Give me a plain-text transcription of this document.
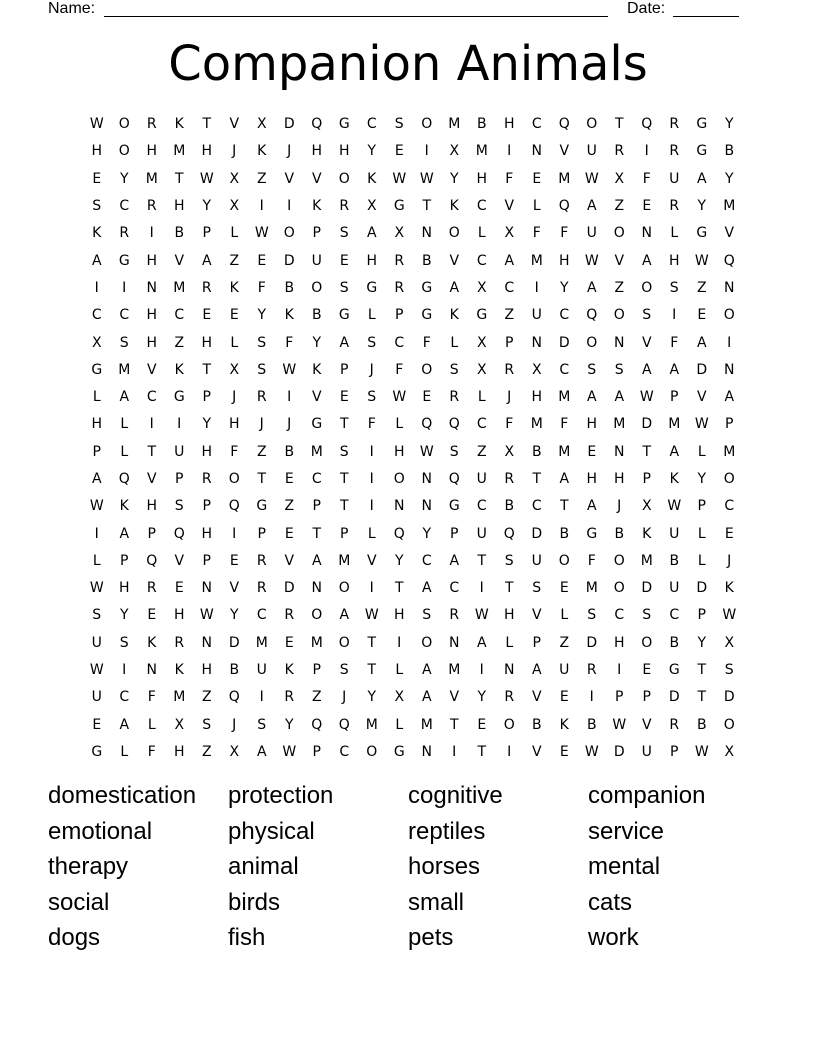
Name:	Date:
Companion Animals
W	O	R	K	T	V	X	D	Q	G	C	S	O	M	B	H	C	Q	O	T	Q	R	G	Y
H	O	H	M	H	J	K	J	H	H	Y	E	I	X	M	I	N	V	U	R	I	R	G	B
E	Y	M	T	W	X	Z	V	V	O	K	W W	Y	H	F	E	M	W	X	F	U	A	Y
S	C	R	H	Y	X	I	I	K	R	X	G	T	K	C	V	L	Q	A	Z	E	R	Y	M
K	R	I	B	P	L	W	O	P	S	A	X	N	O	L	X	F	F	U	O	N	L	G	V
A	G	H	V	A	Z	E	D	U	E	H	R	B	V	C	A	M	H	W	V	A	H	W	Q
I	I	N	M	R	K	F	B	O	S	G	R	G	A	X	C	I	Y	A	Z	O	S	Z	N
C	C	H	C	E	E	Y	K	B	G	L	P	G	K	G	Z	U	C	Q	O	S	I	E	O
X	S	H	Z	H	L	S	F	Y	A	S	C	F	L	X	P	N	D	O	N	V	F	A	I
G	M	V	K	T	X	S	W	K	P	J	F	O	S	X	R	X	C	S	S	A	A	D	N
L	A	C	G	P	J	R	I	V	E	S	W	E	R	L	J	H	M	A	A	W	P	V	A
H	L	I	I	Y	H	J	J	G	T	F	L	Q	Q	C	F	M	F	H	M	D	M	W	P
P	L	T	U	H	F	Z	B	M	S	I	H	W	S	Z	X	B	M	E	N	T	A	L	M
A	Q	V	P	R	O	T	E	C	T	I	O	N	Q	U	R	T	A	H	H	P	K	Y	O
W	K	H	S	P	Q	G	Z	P	T	I	N	N	G	C	B	C	T	A	J	X	W	P	C
I	A	P	Q	H	I	P	E	T	P	L	Q	Y	P	U	Q	D	B	G	B	K	U	L	E
L	P	Q	V	P	E	R	V	A	M	V	Y	C	A	T	S	U	O	F	O	M	B	L	J
W	H	R	E	N	V	R	D	N	O	I	T	A	C	I	T	S	E	M	O	D	U	D	K
S	Y	E	H	W	Y	C	R	O	A	W	H	S	R	W	H	V	L	S	C	S	C	P	W
U	S	K	R	N	D	M	E	M	O	T	I	O	N	A	L	P	Z	D	H	O	B	Y	X
W	I	N	K	H	B	U	K	P	S	T	L	A	M	I	N	A	U	R	I	E	G	T	S
U	C	F	M	Z	Q	I	R	Z	J	Y	X	A	V	Y	R	V	E	I	P	P	D	T	D
E	A	L	X	S	J	S	Y	Q	Q	M	L	M	T	E	O	B	K	B	W	V	R	B	O
G	L	F	H	Z	X	A	W	P	C	O	G	N	I	T	I	V	E	W	D	U	P	W	X
domestication	protection	cognitive	companion
emotional	physical	reptiles	service
therapy	animal	horses	mental
social	birds	small	cats
dogs	fish	pets	work
